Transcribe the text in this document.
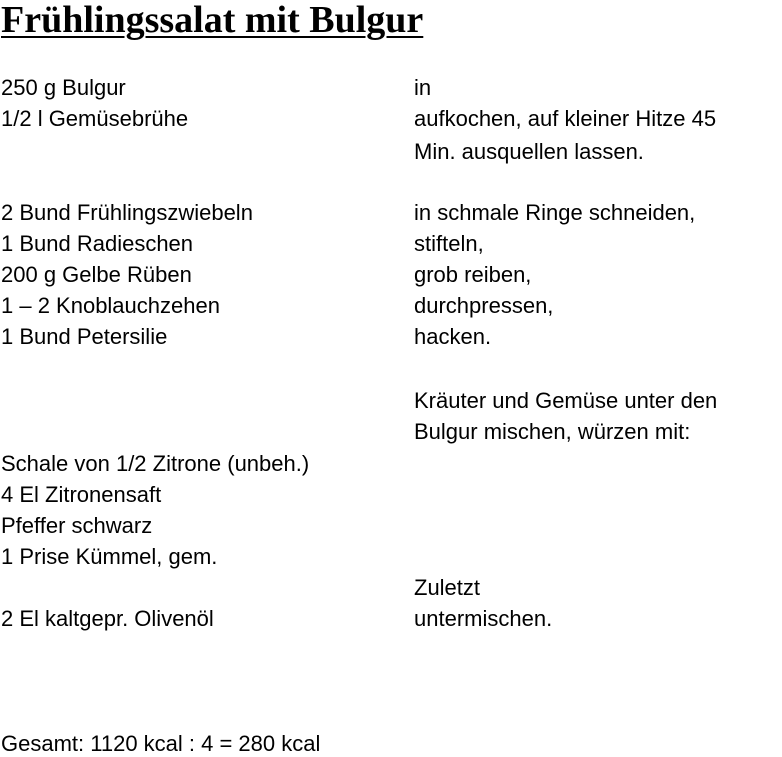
Frühlingssalat mit Bulgur
250 g Bulgur	in
1/2 l Gemüsebrühe	aufkochen, auf kleiner Hitze 45
Min. ausquellen lassen.
2 Bund Frühlingszwiebeln	in schmale Ringe schneiden,
1 Bund Radieschen	stifteln,
200 g Gelbe Rüben	grob reiben,
1 – 2 Knoblauchzehen	durchpressen,
1 Bund Petersilie	hacken.
Kräuter und Gemüse unter den
Bulgur mischen, würzen mit:
Schale von 1/2 Zitrone (unbeh.)
4 El Zitronensaft
Pfeffer schwarz
1 Prise Kümmel, gem.
Zuletzt
2 El kaltgepr. Olivenöl	untermischen.
Gesamt: 1120 kcal : 4 = 280 kcal
